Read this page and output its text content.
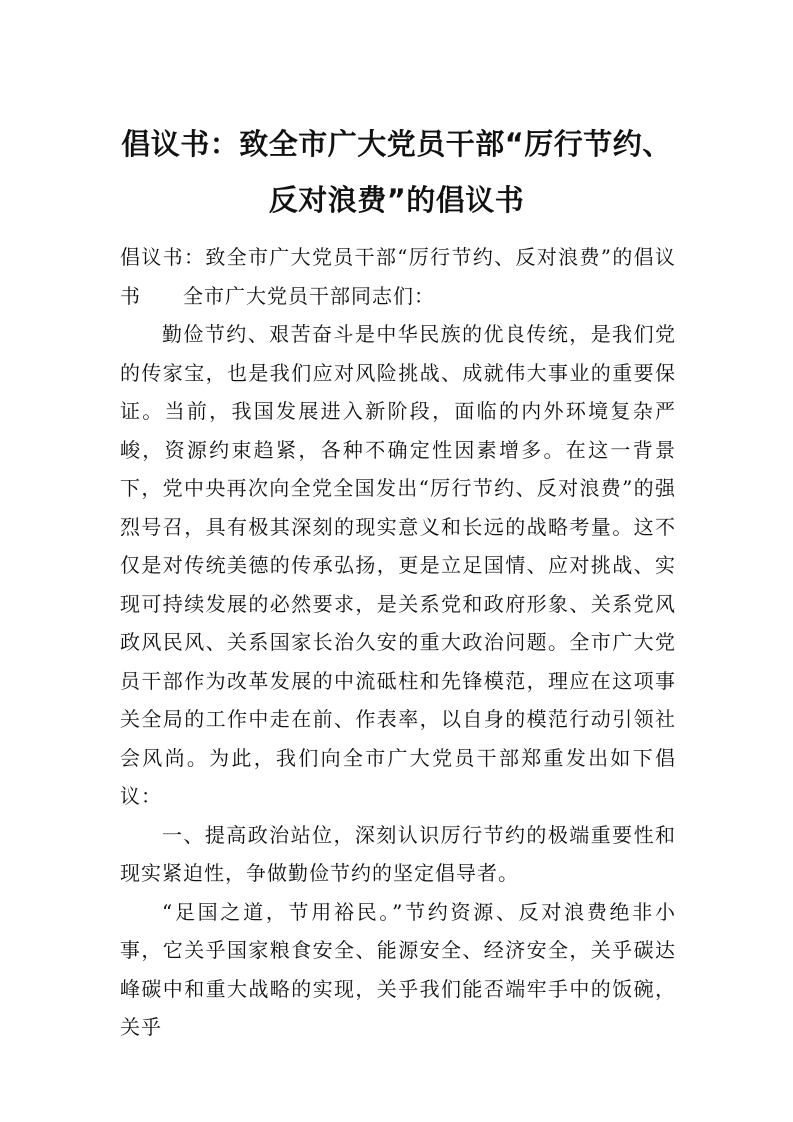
倡议书：致全市广大党员干部“厉行节约、
反对浪费”的倡议书

倡议书：致全市广大党员干部“厉行节约、反对浪费”的倡议书 全市广大党员干部同志们：

勤俭节约、艰苦奋斗是中华民族的优良传统，是我们党的传家宝，也是我们应对风险挑战、成就伟大事业的重要保证。当前，我国发展进入新阶段，面临的内外环境复杂严峻，资源约束趋紧，各种不确定性因素增多。在这一背景下，党中央再次向全党全国发出“厉行节约、反对浪费”的强烈号召，具有极其深刻的现实意义和长远的战略考量。这不仅是对传统美德的传承弘扬，更是立足国情、应对挑战、实现可持续发展的必然要求，是关系党和政府形象、关系党风政风民风、关系国家长治久安的重大政治问题。全市广大党员干部作为改革发展的中流砥柱和先锋模范，理应在这项事关全局的工作中走在前、作表率，以自身的模范行动引领社会风尚。为此，我们向全市广大党员干部郑重发出如下倡议：

一、提高政治站位，深刻认识厉行节约的极端重要性和现实紧迫性，争做勤俭节约的坚定倡导者。

“足国之道，节用裕民。”节约资源、反对浪费绝非小事，它关乎国家粮食安全、能源安全、经济安全，关乎碳达峰碳中和重大战略的实现，关乎我们能否端牢手中的饭碗，关乎
